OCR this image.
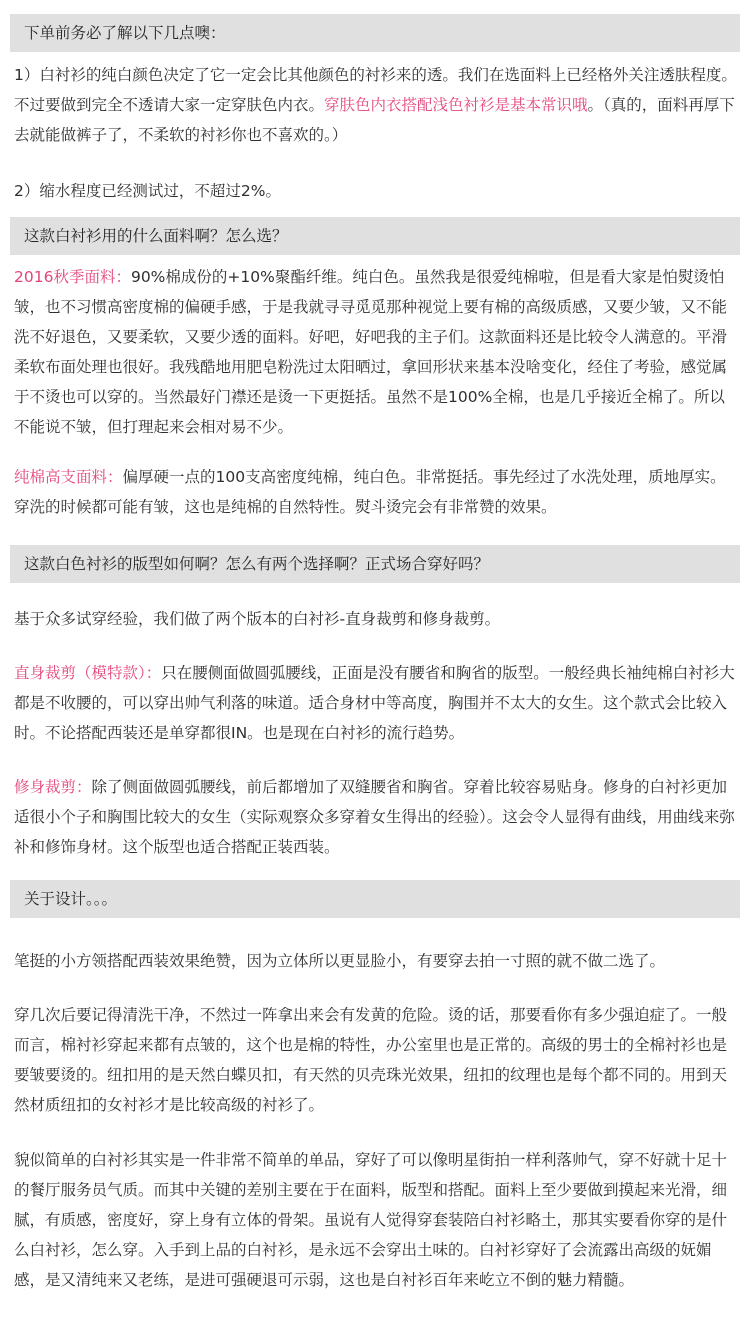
下单前务必了解以下几点噢：

1）白衬衫的纯白颜色决定了它一定会比其他颜色的衬衫来的透。我们在选面料上已经格外关注透肤程度。不过要做到完全不透请大家一定穿肤色内衣。穿肤色内衣搭配浅色衬衫是基本常识哦。（真的，面料再厚下去就能做裤子了，不柔软的衬衫你也不喜欢的。）

2）缩水程度已经测试过，不超过2%。

这款白衬衫用的什么面料啊？怎么选？

2016秋季面料：90%棉成份的+10%聚酯纤维。纯白色。虽然我是很爱纯棉啦，但是看大家是怕熨烫怕皱，也不习惯高密度棉的偏硬手感，于是我就寻寻觅觅那种视觉上要有棉的高级质感，又要少皱，又不能洗不好退色，又要柔软，又要少透的面料。好吧，好吧我的主子们。这款面料还是比较令人满意的。平滑柔软布面处理也很好。我残酷地用肥皂粉洗过太阳晒过，拿回形状来基本没啥变化，经住了考验，感觉属于不烫也可以穿的。当然最好门襟还是烫一下更挺括。虽然不是100%全棉，也是几乎接近全棉了。所以不能说不皱，但打理起来会相对易不少。

纯棉高支面料：偏厚硬一点的100支高密度纯棉，纯白色。非常挺括。事先经过了水洗处理，质地厚实。穿洗的时候都可能有皱，这也是纯棉的自然特性。熨斗烫完会有非常赞的效果。

这款白色衬衫的版型如何啊？怎么有两个选择啊？正式场合穿好吗？

基于众多试穿经验，我们做了两个版本的白衬衫-直身裁剪和修身裁剪。

直身裁剪（模特款）：只在腰侧面做圆弧腰线，正面是没有腰省和胸省的版型。一般经典长袖纯棉白衬衫大都是不收腰的，可以穿出帅气利落的味道。适合身材中等高度，胸围并不太大的女生。这个款式会比较入时。不论搭配西装还是单穿都很IN。也是现在白衬衫的流行趋势。

修身裁剪：除了侧面做圆弧腰线，前后都增加了双缝腰省和胸省。穿着比较容易贴身。修身的白衬衫更加适很小个子和胸围比较大的女生（实际观察众多穿着女生得出的经验）。这会令人显得有曲线，用曲线来弥补和修饰身材。这个版型也适合搭配正装西装。

关于设计。。。

笔挺的小方领搭配西装效果绝赞，因为立体所以更显脸小，有要穿去拍一寸照的就不做二选了。

穿几次后要记得清洗干净，不然过一阵拿出来会有发黄的危险。烫的话，那要看你有多少强迫症了。一般而言，棉衬衫穿起来都有点皱的，这个也是棉的特性，办公室里也是正常的。高级的男士的全棉衬衫也是要皱要烫的。纽扣用的是天然白蝶贝扣，有天然的贝壳珠光效果，纽扣的纹理也是每个都不同的。用到天然材质纽扣的女衬衫才是比较高级的衬衫了。

貌似简单的白衬衫其实是一件非常不简单的单品，穿好了可以像明星街拍一样利落帅气，穿不好就十足十的餐厅服务员气质。而其中关键的差别主要在于在面料，版型和搭配。面料上至少要做到摸起来光滑，细腻，有质感，密度好，穿上身有立体的骨架。虽说有人觉得穿套装陪白衬衫略土，那其实要看你穿的是什么白衬衫，怎么穿。入手到上品的白衬衫，是永远不会穿出土味的。白衬衫穿好了会流露出高级的妩媚感，是又清纯来又老练，是进可强硬退可示弱，这也是白衬衫百年来屹立不倒的魅力精髓。
